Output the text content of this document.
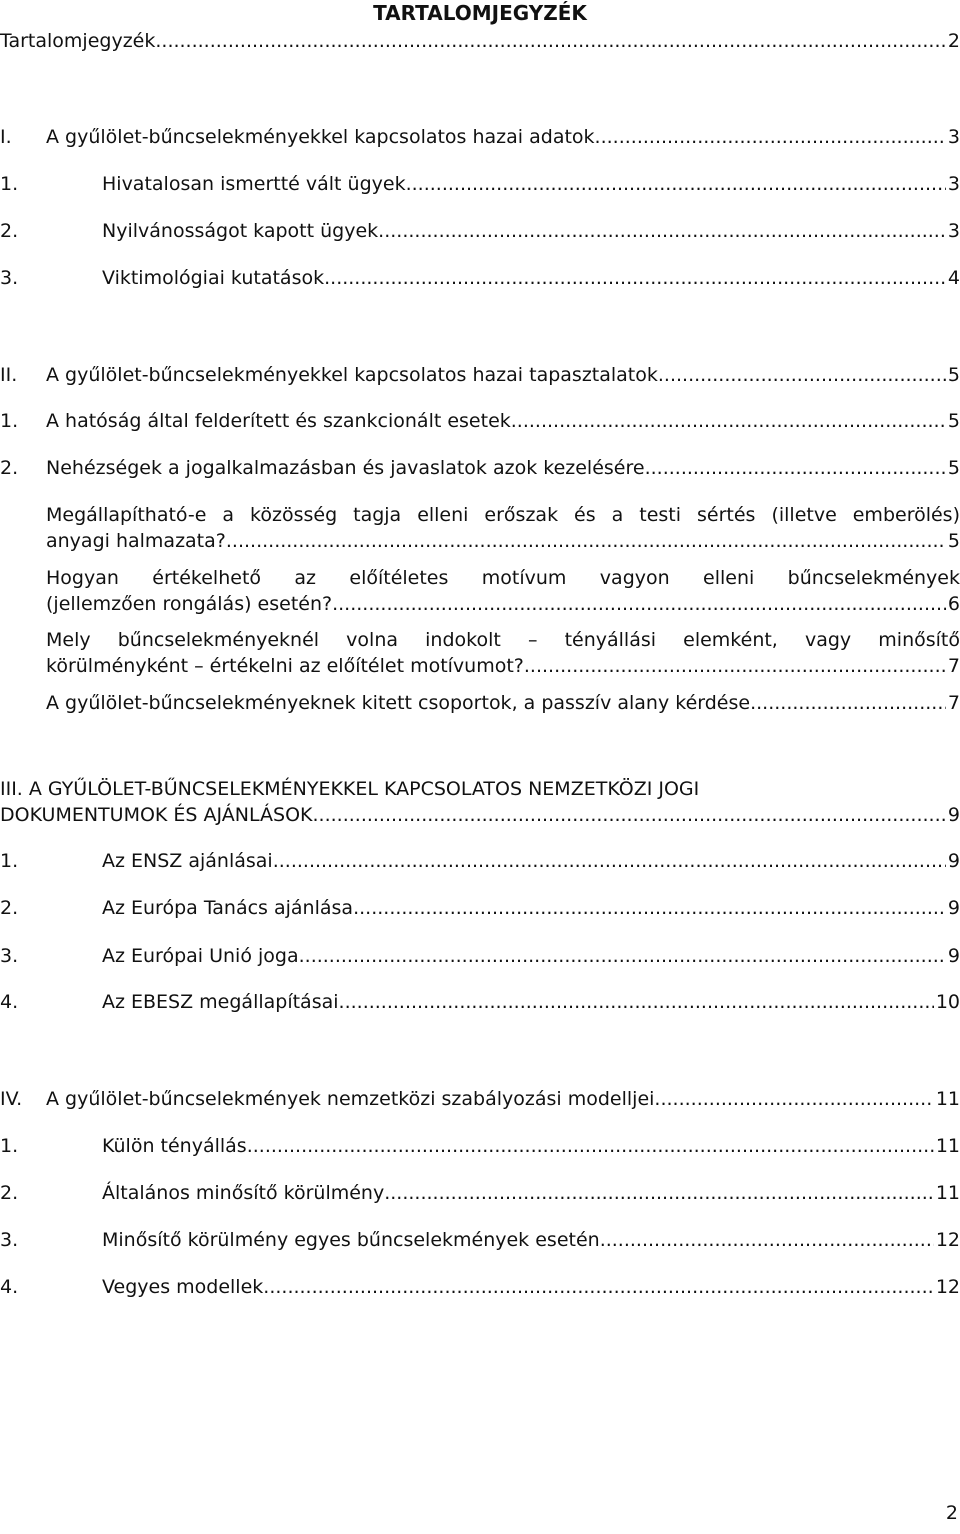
TARTALOMJEGYZÉK
Tartalomjegyzék .....	2
I.	A gyűlölet-bűncselekményekkel kapcsolatos hazai adatok .....	3
1.	Hivatalosan ismertté vált ügyek .....	3
2.	Nyilvánosságot kapott ügyek .....	3
3.	Viktimológiai kutatások .....	4
II.	A gyűlölet-bűncselekményekkel kapcsolatos hazai tapasztalatok .....	5
1.	A hatóság által felderített és szankcionált esetek .....	5
2.	Nehézségek a jogalkalmazásban és javaslatok azok kezelésére .....	5
Megállapítható-e a közösség tagja elleni erőszak és a testi sértés (illetve emberölés)
anyagi halmazata? .....	5
Hogyan értékelhető az előítéletes motívum vagyon elleni bűncselekmények
(jellemzően rongálás) esetén? .....	6
Mely bűncselekményeknél volna indokolt – tényállási elemként, vagy minősítő
körülményként – értékelni az előítélet motívumot? .....	7
A gyűlölet-bűncselekményeknek kitett csoportok, a passzív alany kérdése .....	7
III. A GYŰLÖLET-BŰNCSELEKMÉNYEKKEL KAPCSOLATOS NEMZETKÖZI JOGI
DOKUMENTUMOK ÉS AJÁNLÁSOK .....	9
1.	Az ENSZ ajánlásai .....	9
2.	Az Európa Tanács ajánlása .....	9
3.	Az Európai Unió joga .....	9
4.	Az EBESZ megállapításai .....	10
IV.	A gyűlölet-bűncselekmények nemzetközi szabályozási modelljei .....	11
1.	Külön tényállás .....	11
2.	Általános minősítő körülmény .....	11
3.	Minősítő körülmény egyes bűncselekmények esetén .....	12
4.	Vegyes modellek .....	12
2
